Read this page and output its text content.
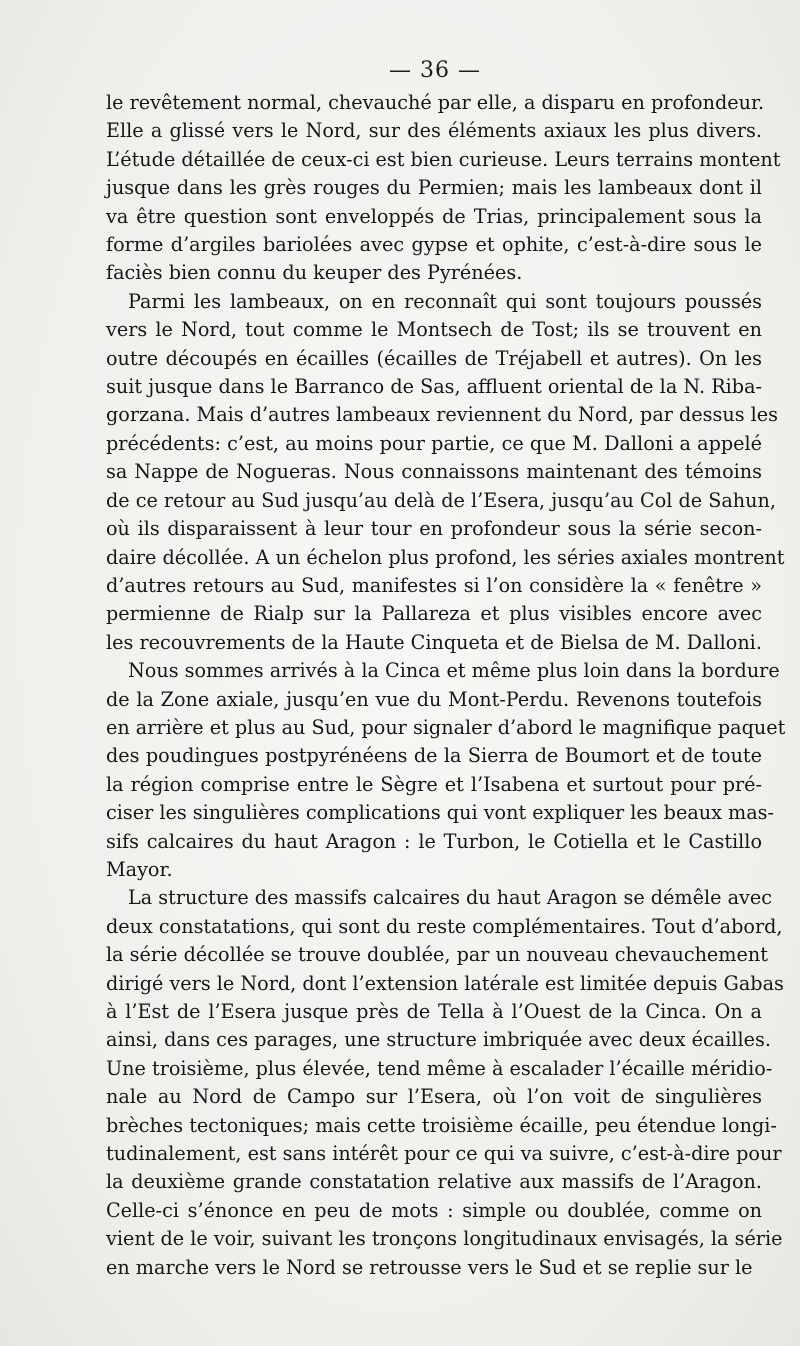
— 36 —
le revêtement normal, chevauché par elle, a disparu en profondeur.
Elle a glissé vers le Nord, sur des éléments axiaux les plus divers.
L’étude détaillée de ceux-ci est bien curieuse. Leurs terrains montent
jusque dans les grès rouges du Permien; mais les lambeaux dont il
va être question sont enveloppés de Trias, principalement sous la
forme d’argiles bariolées avec gypse et ophite, c’est-à-dire sous le
faciès bien connu du keuper des Pyrénées.
Parmi les lambeaux, on en reconnaît qui sont toujours poussés
vers le Nord, tout comme le Montsech de Tost; ils se trouvent en
outre découpés en écailles (écailles de Tréjabell et autres). On les
suit jusque dans le Barranco de Sas, affluent oriental de la N. Riba-
gorzana. Mais d’autres lambeaux reviennent du Nord, par dessus les
précédents: c’est, au moins pour partie, ce que M. Dalloni a appelé
sa Nappe de Nogueras. Nous connaissons maintenant des témoins
de ce retour au Sud jusqu’au delà de l’Esera, jusqu’au Col de Sahun,
où ils disparaissent à leur tour en profondeur sous la série secon-
daire décollée. A un échelon plus profond, les séries axiales montrent
d’autres retours au Sud, manifestes si l’on considère la « fenêtre »
permienne de Rialp sur la Pallareza et plus visibles encore avec
les recouvrements de la Haute Cinqueta et de Bielsa de M. Dalloni.
Nous sommes arrivés à la Cinca et même plus loin dans la bordure
de la Zone axiale, jusqu’en vue du Mont-Perdu. Revenons toutefois
en arrière et plus au Sud, pour signaler d’abord le magnifique paquet
des poudingues postpyrénéens de la Sierra de Boumort et de toute
la région comprise entre le Sègre et l’Isabena et surtout pour pré-
ciser les singulières complications qui vont expliquer les beaux mas-
sifs calcaires du haut Aragon : le Turbon, le Cotiella et le Castillo
Mayor.
La structure des massifs calcaires du haut Aragon se démêle avec
deux constatations, qui sont du reste complémentaires. Tout d’abord,
la série décollée se trouve doublée, par un nouveau chevauchement
dirigé vers le Nord, dont l’extension latérale est limitée depuis Gabas
à l’Est de l’Esera jusque près de Tella à l’Ouest de la Cinca. On a
ainsi, dans ces parages, une structure imbriquée avec deux écailles.
Une troisième, plus élevée, tend même à escalader l’écaille méridio-
nale au Nord de Campo sur l’Esera, où l’on voit de singulières
brèches tectoniques; mais cette troisième écaille, peu étendue longi-
tudinalement, est sans intérêt pour ce qui va suivre, c’est-à-dire pour
la deuxième grande constatation relative aux massifs de l’Aragon.
Celle-ci s’énonce en peu de mots : simple ou doublée, comme on
vient de le voir, suivant les tronçons longitudinaux envisagés, la série
en marche vers le Nord se retrousse vers le Sud et se replie sur le
